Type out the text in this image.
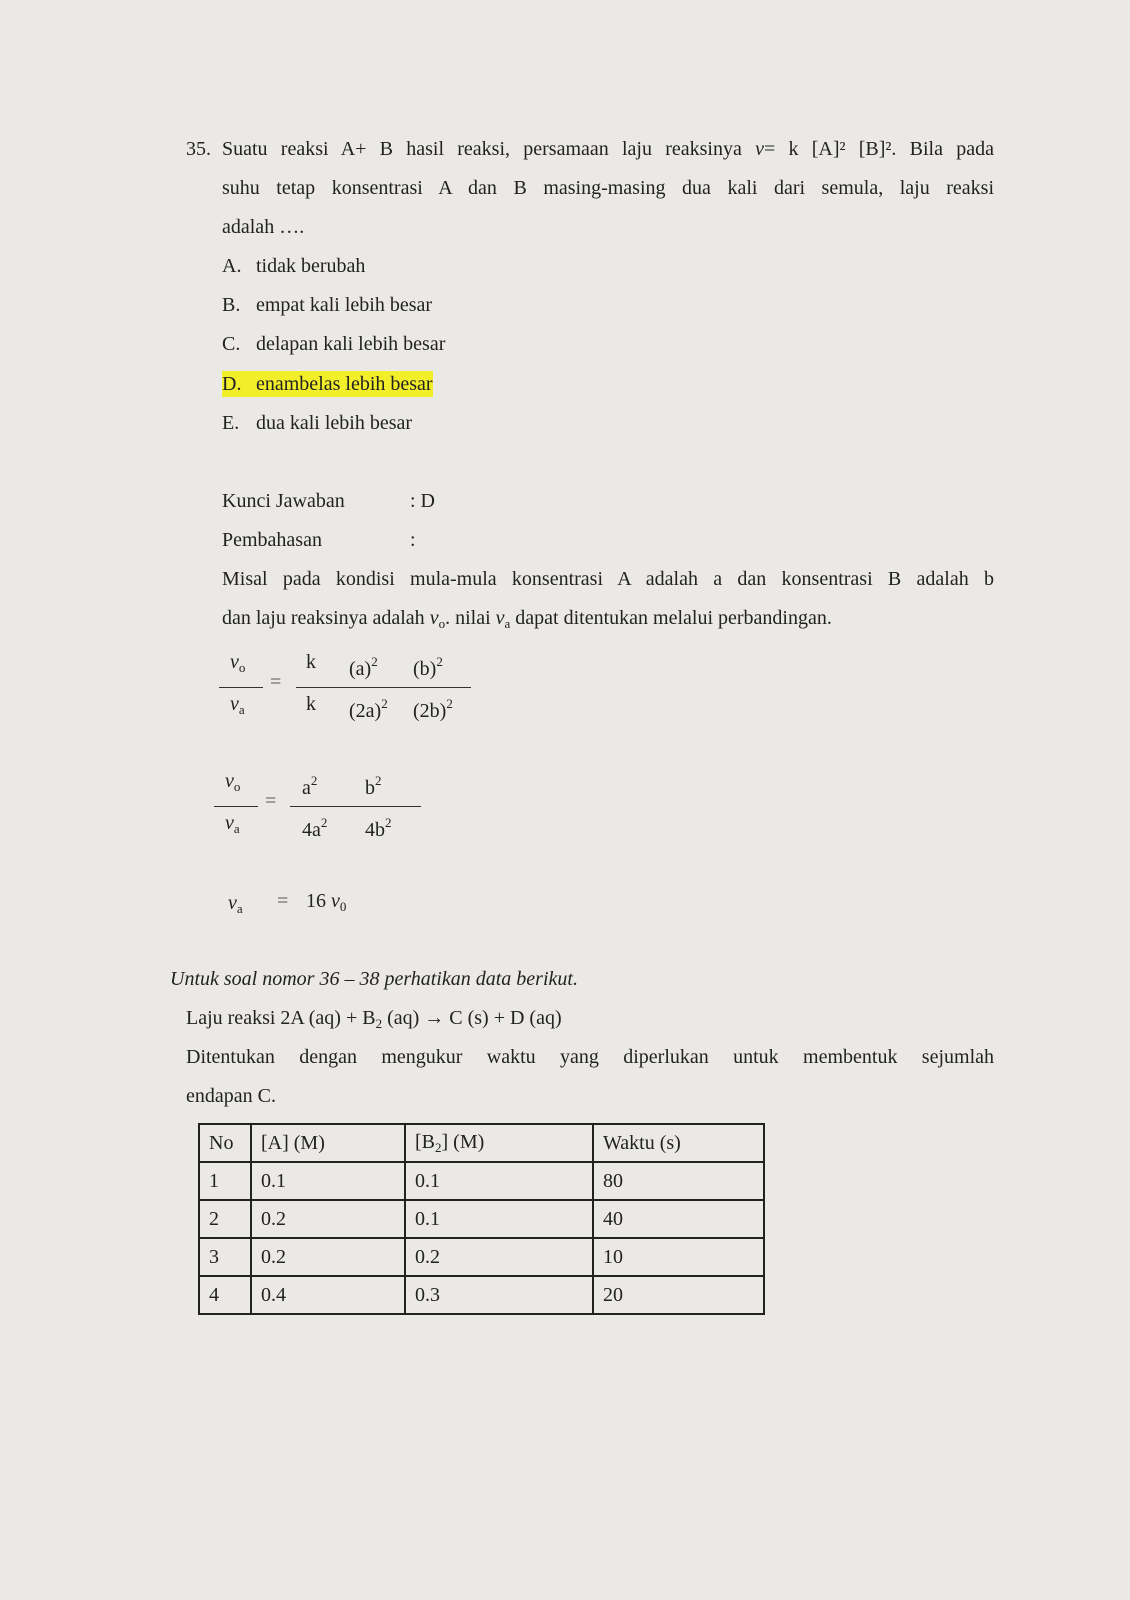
35. Suatu reaksi A+ B hasil reaksi, persamaan laju reaksinya v= k [A]² [B]². Bila pada
suhu tetap konsentrasi A dan B masing-masing dua kali dari semula, laju reaksi
adalah ….
A. tidak berubah
B. empat kali lebih besar
C. delapan kali lebih besar
D. enambelas lebih besar
E. dua kali lebih besar
Kunci Jawaban	: D
Pembahasan	:
Misal pada kondisi mula-mula konsentrasi A adalah a dan konsentrasi B adalah b
dan laju reaksinya adalah $v_o$. nilai $v_a$ dapat ditentukan melalui perbandingan.
$v_o$
$v_a$
=
k $(a)^2$ $(b)^2$
k $(2a)^2$ $(2b)^2$
$v_o$
$v_a$
=
$a^2$ $b^2$
$4a^2$ $4b^2$
$v_a = 16$ $v_0$
Untuk soal nomor 36 – 38 perhatikan data berikut.
Laju reaksi 2A $(aq) + B_2$ (aq) → C (s) + D (aq)
Ditentukan dengan mengukur waktu yang diperlukan untuk membentuk sejumlah
endapan C.
No	[A] (M)	$[B_2]$ (M)	Waktu (s)
1	0.1	0.1	80
2	0.2	0.1	40
3	0.2	0.2	10
4	0.4	0.3	20
